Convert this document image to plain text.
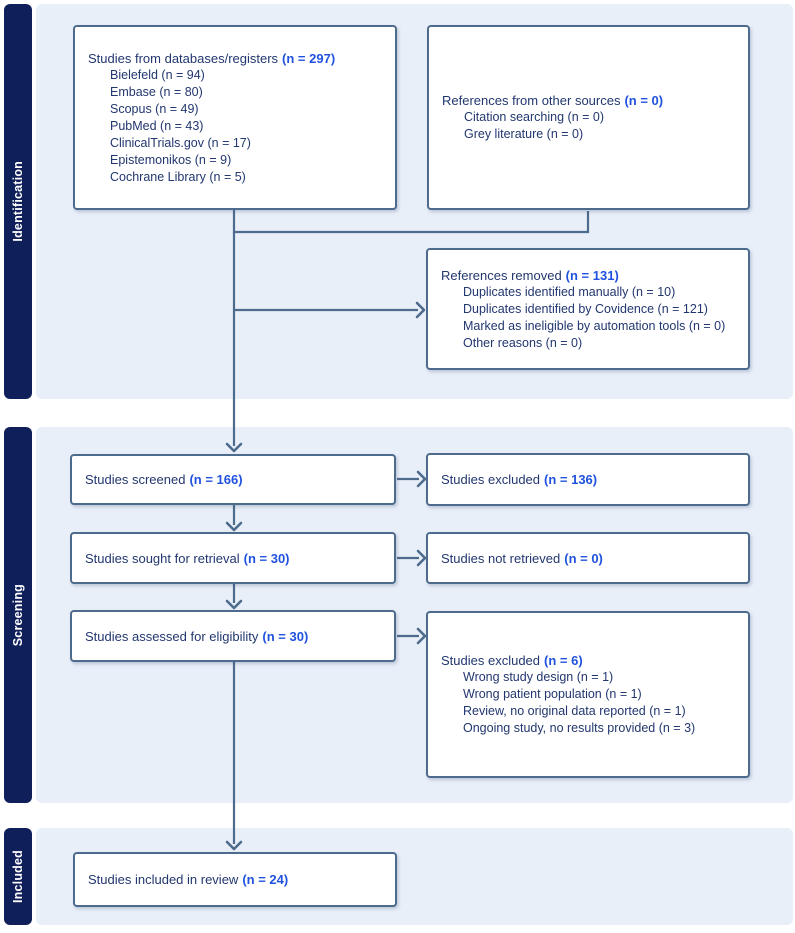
Identification
Screening
Included
Studies from databases/registers (n = 297)
Bielefeld (n = 94)
Embase (n = 80)
Scopus (n = 49)
PubMed (n = 43)
ClinicalTrials.gov (n = 17)
Epistemonikos (n = 9)
Cochrane Library (n = 5)
References from other sources (n = 0)
Citation searching (n = 0)
Grey literature (n = 0)
References removed (n = 131)
Duplicates identified manually (n = 10)
Duplicates identified by Covidence (n = 121)
Marked as ineligible by automation tools (n = 0)
Other reasons (n = 0)
Studies screened (n = 166)	Studies excluded (n = 136)
Studies sought for retrieval (n = 30)	Studies not retrieved (n = 0)
Studies assessed for eligibility (n = 30)
Studies excluded (n = 6)
Wrong study design (n = 1)
Wrong patient population (n = 1)
Review, no original data reported (n = 1)
Ongoing study, no results provided (n = 3)
Studies included in review (n = 24)
